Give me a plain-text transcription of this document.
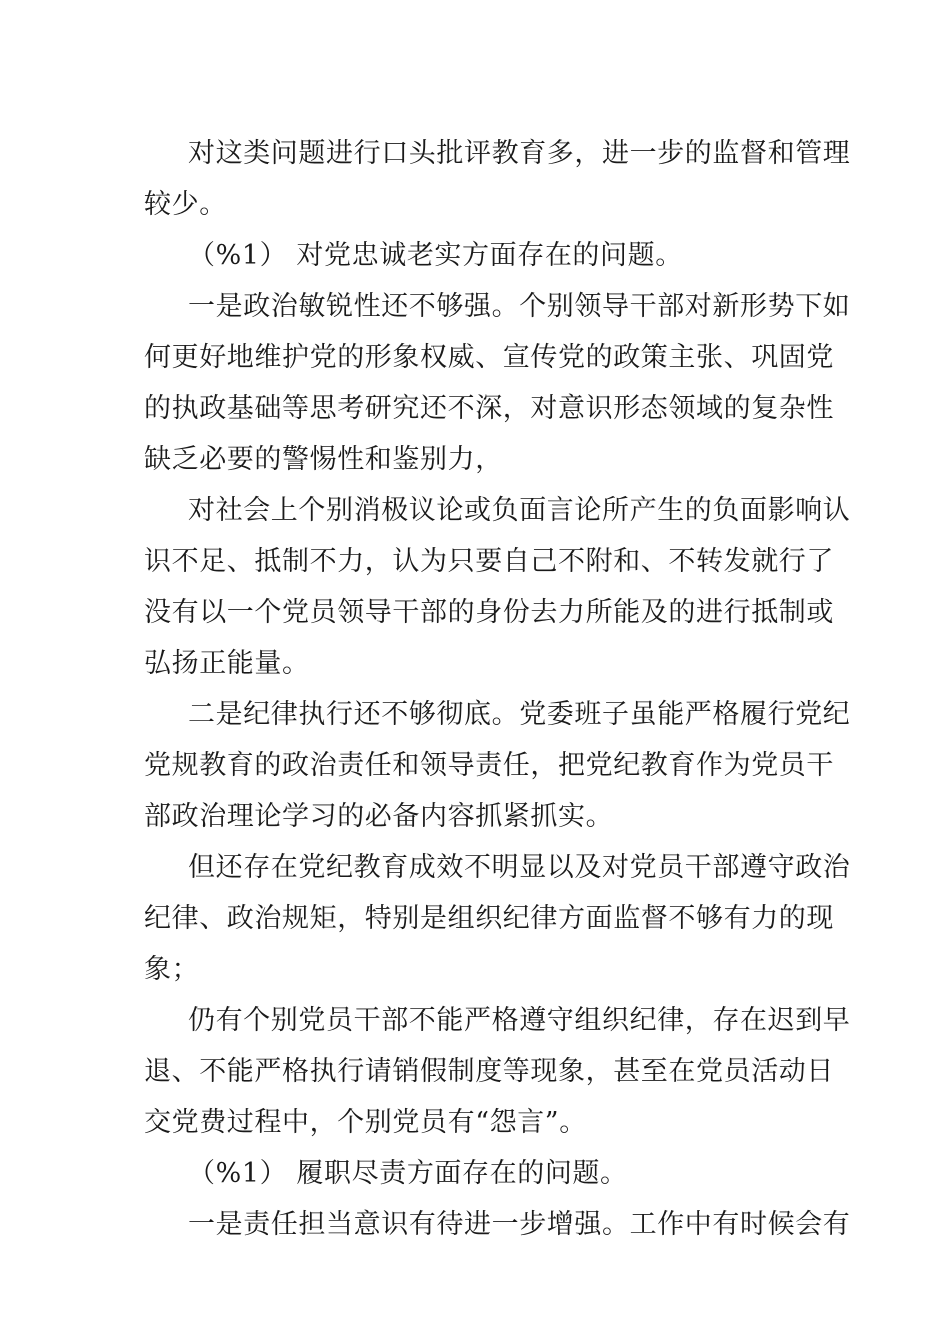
对这类问题进行口头批评教育多，进一步的监督和管理
较少。

（%1） 对党忠诚老实方面存在的问题。

一是政治敏锐性还不够强。个别领导干部对新形势下如
何更好地维护党的形象权威、宣传党的政策主张、巩固党
的执政基础等思考研究还不深，对意识形态领域的复杂性
缺乏必要的警惕性和鉴别力，

对社会上个别消极议论或负面言论所产生的负面影响认
识不足、抵制不力，认为只要自己不附和、不转发就行了
没有以一个党员领导干部的身份去力所能及的进行抵制或
弘扬正能量。

二是纪律执行还不够彻底。党委班子虽能严格履行党纪
党规教育的政治责任和领导责任，把党纪教育作为党员干
部政治理论学习的必备内容抓紧抓实。

但还存在党纪教育成效不明显以及对党员干部遵守政治
纪律、政治规矩，特别是组织纪律方面监督不够有力的现
象；

仍有个别党员干部不能严格遵守组织纪律，存在迟到早
退、不能严格执行请销假制度等现象，甚至在党员活动日
交党费过程中，个别党员有“怨言”。

（%1） 履职尽责方面存在的问题。

一是责任担当意识有待进一步增强。工作中有时候会有
